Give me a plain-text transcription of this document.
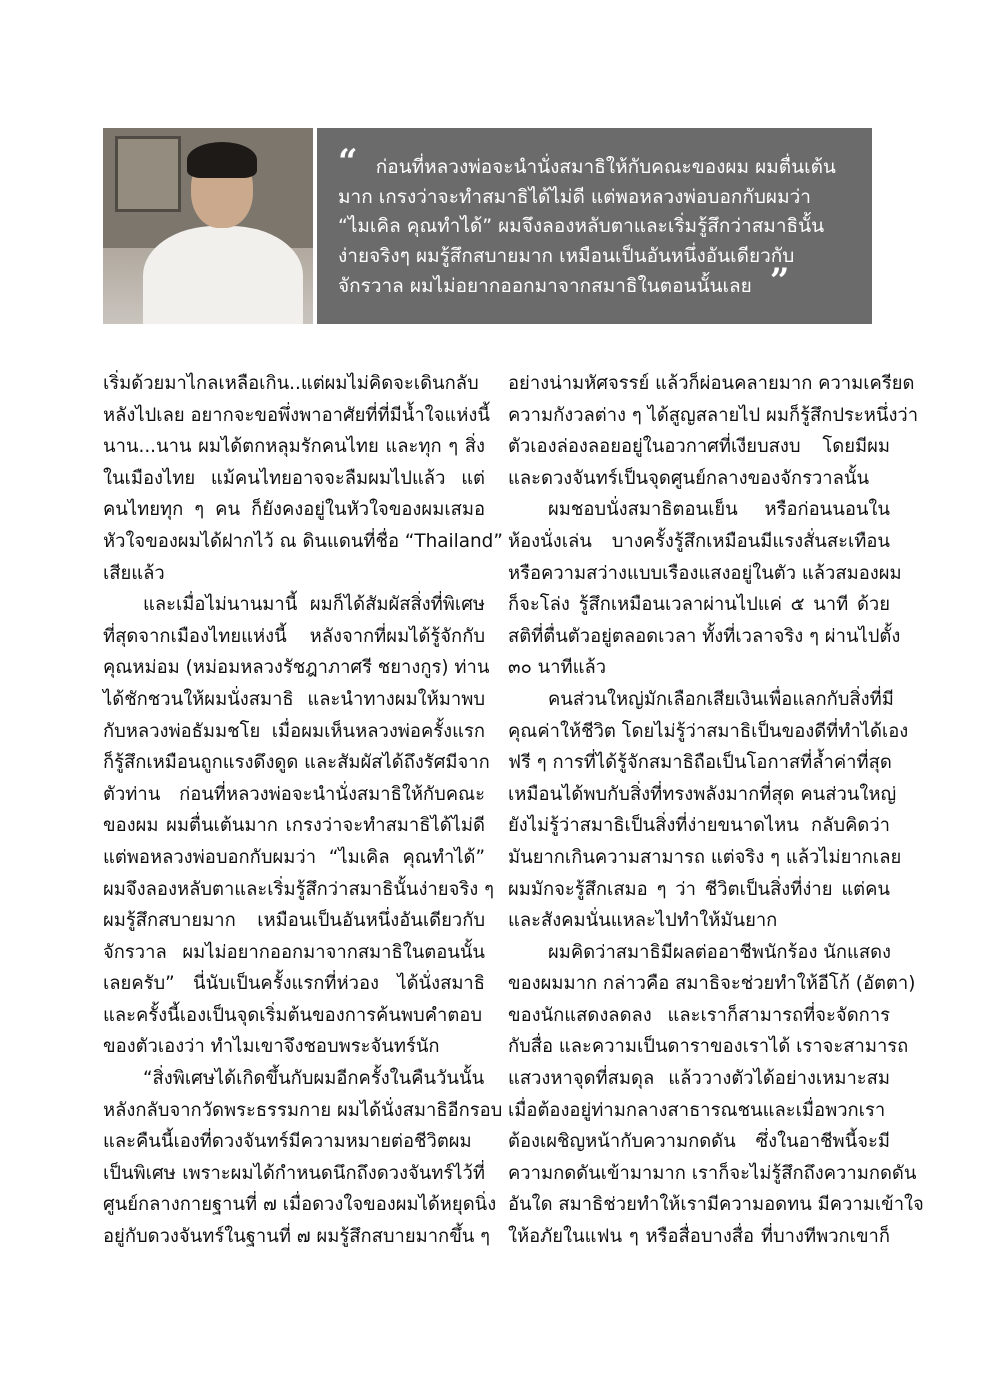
“ ก่อนที่หลวงพ่อจะนำนั่งสมาธิให้กับคณะของผม ผมตื่นเต้น
มาก เกรงว่าจะทำสมาธิได้ไม่ดี แต่พอหลวงพ่อบอกกับผมว่า
“ไมเคิล คุณทำได้” ผมจึงลองหลับตาและเริ่มรู้สึกว่าสมาธินั้น
ง่ายจริงๆ ผมรู้สึกสบายมาก เหมือนเป็นอันหนึ่งอันเดียวกับ
จักรวาล ผมไม่อยากออกมาจากสมาธิในตอนนั้นเลย ”
เริ่มด้วยมาไกลเหลือเกิน..แต่ผมไม่คิดจะเดินกลับ
หลังไปเลย อยากจะขอพึ่งพาอาศัยที่ที่มีน้ำใจแห่งนี้
นาน...นาน ผมได้ตกหลุมรักคนไทย และทุก ๆ สิ่ง
ในเมืองไทย แม้คนไทยอาจจะลืมผมไปแล้ว แต่
คนไทยทุก ๆ คน ก็ยังคงอยู่ในหัวใจของผมเสมอ
หัวใจของผมได้ฝากไว้ ณ ดินแดนที่ชื่อ “Thailand”
เสียแล้ว
และเมื่อไม่นานมานี้ ผมก็ได้สัมผัสสิ่งที่พิเศษ
ที่สุดจากเมืองไทยแห่งนี้ หลังจากที่ผมได้รู้จักกับ
คุณหม่อม (หม่อมหลวงรัชฎาภาศรี ชยางกูร) ท่าน
ได้ชักชวนให้ผมนั่งสมาธิ และนำทางผมให้มาพบ
กับหลวงพ่อธัมมชโย เมื่อผมเห็นหลวงพ่อครั้งแรก
ก็รู้สึกเหมือนถูกแรงดึงดูด และสัมผัสได้ถึงรัศมีจาก
ตัวท่าน ก่อนที่หลวงพ่อจะนำนั่งสมาธิให้กับคณะ
ของผม ผมตื่นเต้นมาก เกรงว่าจะทำสมาธิได้ไม่ดี
แต่พอหลวงพ่อบอกกับผมว่า “ไมเคิล คุณทำได้”
ผมจึงลองหลับตาและเริ่มรู้สึกว่าสมาธินั้นง่ายจริง ๆ
ผมรู้สึกสบายมาก เหมือนเป็นอันหนึ่งอันเดียวกับ
จักรวาล ผมไม่อยากออกมาจากสมาธิในตอนนั้น
เลยครับ” นี่นับเป็นครั้งแรกที่ห่วอง ได้นั่งสมาธิ
และครั้งนี้เองเป็นจุดเริ่มต้นของการค้นพบคำตอบ
ของตัวเองว่า ทำไมเขาจึงชอบพระจันทร์นัก
“สิ่งพิเศษได้เกิดขึ้นกับผมอีกครั้งในคืนวันนั้น
หลังกลับจากวัดพระธรรมกาย ผมได้นั่งสมาธิอีกรอบ
และคืนนี้เองที่ดวงจันทร์มีความหมายต่อชีวิตผม
เป็นพิเศษ เพราะผมได้กำหนดนึกถึงดวงจันทร์ไว้ที่
ศูนย์กลางกายฐานที่ ๗ เมื่อดวงใจของผมได้หยุดนิ่ง
อยู่กับดวงจันทร์ในฐานที่ ๗ ผมรู้สึกสบายมากขึ้น ๆ
อย่างน่ามหัศจรรย์ แล้วก็ผ่อนคลายมาก ความเครียด
ความกังวลต่าง ๆ ได้สูญสลายไป ผมก็รู้สึกประหนึ่งว่า
ตัวเองล่องลอยอยู่ในอวกาศที่เงียบสงบ โดยมีผม
และดวงจันทร์เป็นจุดศูนย์กลางของจักรวาลนั้น
ผมชอบนั่งสมาธิตอนเย็น หรือก่อนนอนใน
ห้องนั่งเล่น บางครั้งรู้สึกเหมือนมีแรงสั่นสะเทือน
หรือความสว่างแบบเรืองแสงอยู่ในตัว แล้วสมองผม
ก็จะโล่ง รู้สึกเหมือนเวลาผ่านไปแค่ ๕ นาที ด้วย
สติที่ตื่นตัวอยู่ตลอดเวลา ทั้งที่เวลาจริง ๆ ผ่านไปตั้ง
๓๐ นาทีแล้ว
คนส่วนใหญ่มักเลือกเสียเงินเพื่อแลกกับสิ่งที่มี
คุณค่าให้ชีวิต โดยไม่รู้ว่าสมาธิเป็นของดีที่ทำได้เอง
ฟรี ๆ การที่ได้รู้จักสมาธิถือเป็นโอกาสที่ล้ำค่าที่สุด
เหมือนได้พบกับสิ่งที่ทรงพลังมากที่สุด คนส่วนใหญ่
ยังไม่รู้ว่าสมาธิเป็นสิ่งที่ง่ายขนาดไหน กลับคิดว่า
มันยากเกินความสามารถ แต่จริง ๆ แล้วไม่ยากเลย
ผมมักจะรู้สึกเสมอ ๆ ว่า ชีวิตเป็นสิ่งที่ง่าย แต่คน
และสังคมนั่นแหละไปทำให้มันยาก
ผมคิดว่าสมาธิมีผลต่ออาชีพนักร้อง นักแสดง
ของผมมาก กล่าวคือ สมาธิจะช่วยทำให้อีโก้ (อัตตา)
ของนักแสดงลดลง และเราก็สามารถที่จะจัดการ
กับสื่อ และความเป็นดาราของเราได้ เราจะสามารถ
แสวงหาจุดที่สมดุล แล้ววางตัวได้อย่างเหมาะสม
เมื่อต้องอยู่ท่ามกลางสาธารณชนและเมื่อพวกเรา
ต้องเผชิญหน้ากับความกดดัน ซึ่งในอาชีพนี้จะมี
ความกดดันเข้ามามาก เราก็จะไม่รู้สึกถึงความกดดัน
อันใด สมาธิช่วยทำให้เรามีความอดทน มีความเข้าใจ
ให้อภัยในแฟน ๆ หรือสื่อบางสื่อ ที่บางทีพวกเขาก็
